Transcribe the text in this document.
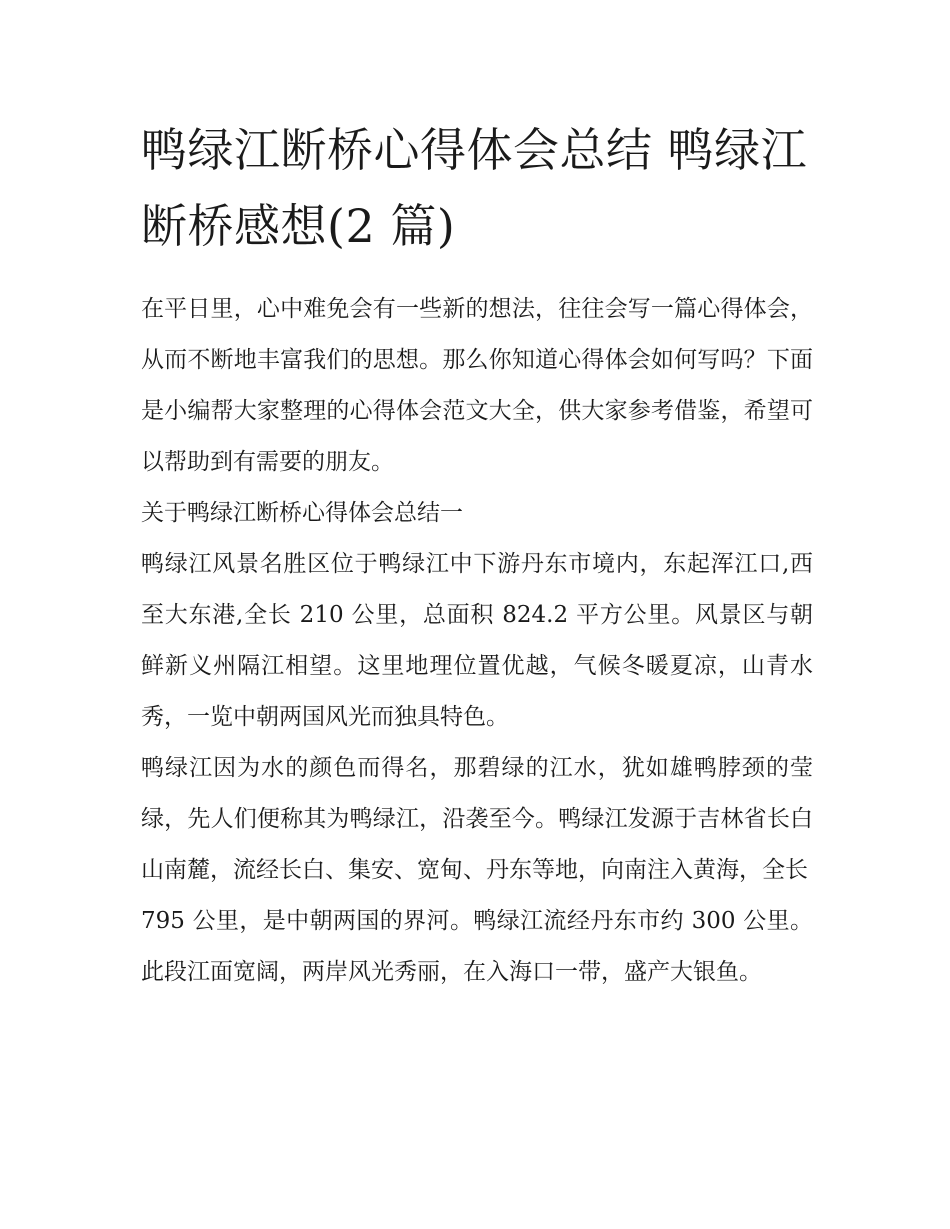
鸭绿江断桥心得体会总结 鸭绿江断桥感想(2 篇)

在平日里，心中难免会有一些新的想法，往往会写一篇心得体会，从而不断地丰富我们的思想。那么你知道心得体会如何写吗？下面是小编帮大家整理的心得体会范文大全，供大家参考借鉴，希望可以帮助到有需要的朋友。

关于鸭绿江断桥心得体会总结一

鸭绿江风景名胜区位于鸭绿江中下游丹东市境内，东起浑江口,西至大东港,全长 210 公里，总面积 824.2 平方公里。风景区与朝鲜新义州隔江相望。这里地理位置优越，气候冬暖夏凉，山青水秀，一览中朝两国风光而独具特色。

鸭绿江因为水的颜色而得名，那碧绿的江水，犹如雄鸭脖颈的莹绿，先人们便称其为鸭绿江，沿袭至今。鸭绿江发源于吉林省长白山南麓，流经长白、集安、宽甸、丹东等地，向南注入黄海，全长

795 公里，是中朝两国的界河。鸭绿江流经丹东市约 300 公里。此段江面宽阔，两岸风光秀丽，在入海口一带，盛产大银鱼。
